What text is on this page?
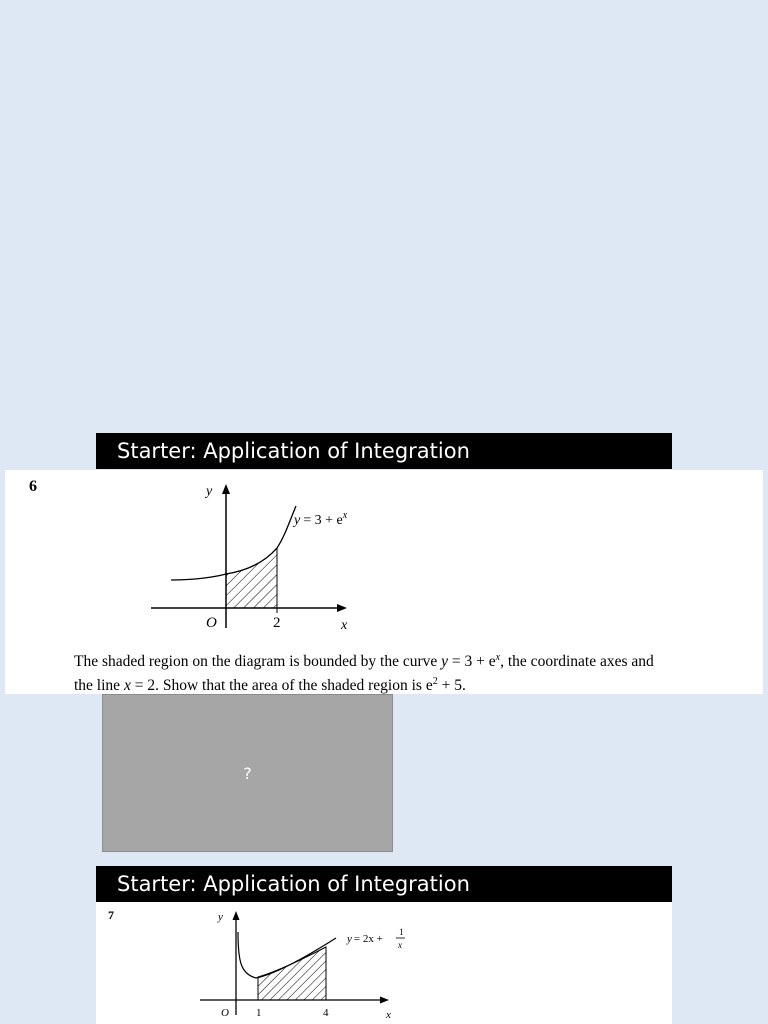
Starter: Application of Integration
6	y
x
O	2
$y = 3 + e^x$
The shaded region on the diagram is bounded by the curve $y = 3 + e^x$, the coordinate axes and
the line x = 2. Show that the area of the shaded region is $e^2 + 5$.
?
Starter: Application of Integration
7	y
x
O 1	4
y = 2x +
1
x
